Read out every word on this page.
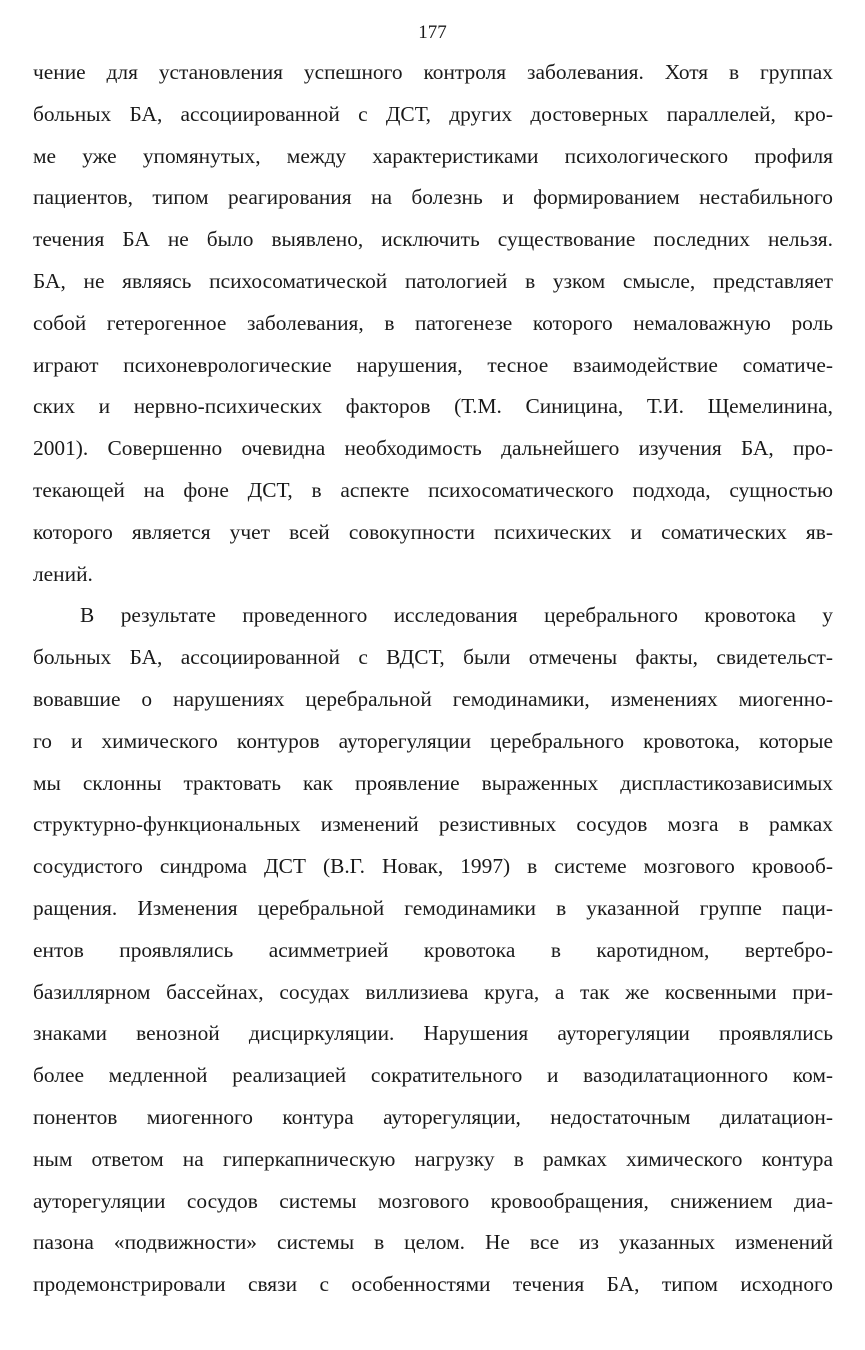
177
чение для установления успешного контроля заболевания. Хотя в группах
больных БА, ассоциированной с ДСТ, других достоверных параллелей, кро-
ме уже упомянутых, между характеристиками психологического профиля
пациентов, типом реагирования на болезнь и формированием нестабильного
течения БА не было выявлено, исключить существование последних нельзя.
БА, не являясь психосоматической патологией в узком смысле, представляет
собой гетерогенное заболевания, в патогенезе которого немаловажную роль
играют психоневрологические нарушения, тесное взаимодействие соматиче-
ских и нервно-психических факторов (Т.М. Синицина, Т.И. Щемелинина,
2001). Совершенно очевидна необходимость дальнейшего изучения БА, про-
текающей на фоне ДСТ, в аспекте психосоматического подхода, сущностью
которого является учет всей совокупности психических и соматических яв-
лений.
В результате проведенного исследования церебрального кровотока у
больных БА, ассоциированной с ВДСТ, были отмечены факты, свидетельст-
вовавшие о нарушениях церебральной гемодинамики, изменениях миогенно-
го и химического контуров ауторегуляции церебрального кровотока, которые
мы склонны трактовать как проявление выраженных диспластикозависимых
структурно-функциональных изменений резистивных сосудов мозга в рамках
сосудистого синдрома ДСТ (В.Г. Новак, 1997) в системе мозгового кровооб-
ращения. Изменения церебральной гемодинамики в указанной группе паци-
ентов проявлялись асимметрией кровотока в каротидном, вертебро-
базиллярном бассейнах, сосудах виллизиева круга, а так же косвенными при-
знаками венозной дисциркуляции. Нарушения ауторегуляции проявлялись
более медленной реализацией сократительного и вазодилатационного ком-
понентов миогенного контура ауторегуляции, недостаточным дилатацион-
ным ответом на гиперкапническую нагрузку в рамках химического контура
ауторегуляции сосудов системы мозгового кровообращения, снижением диа-
пазона «подвижности» системы в целом. Не все из указанных изменений
продемонстрировали связи с особенностями течения БА, типом исходного
